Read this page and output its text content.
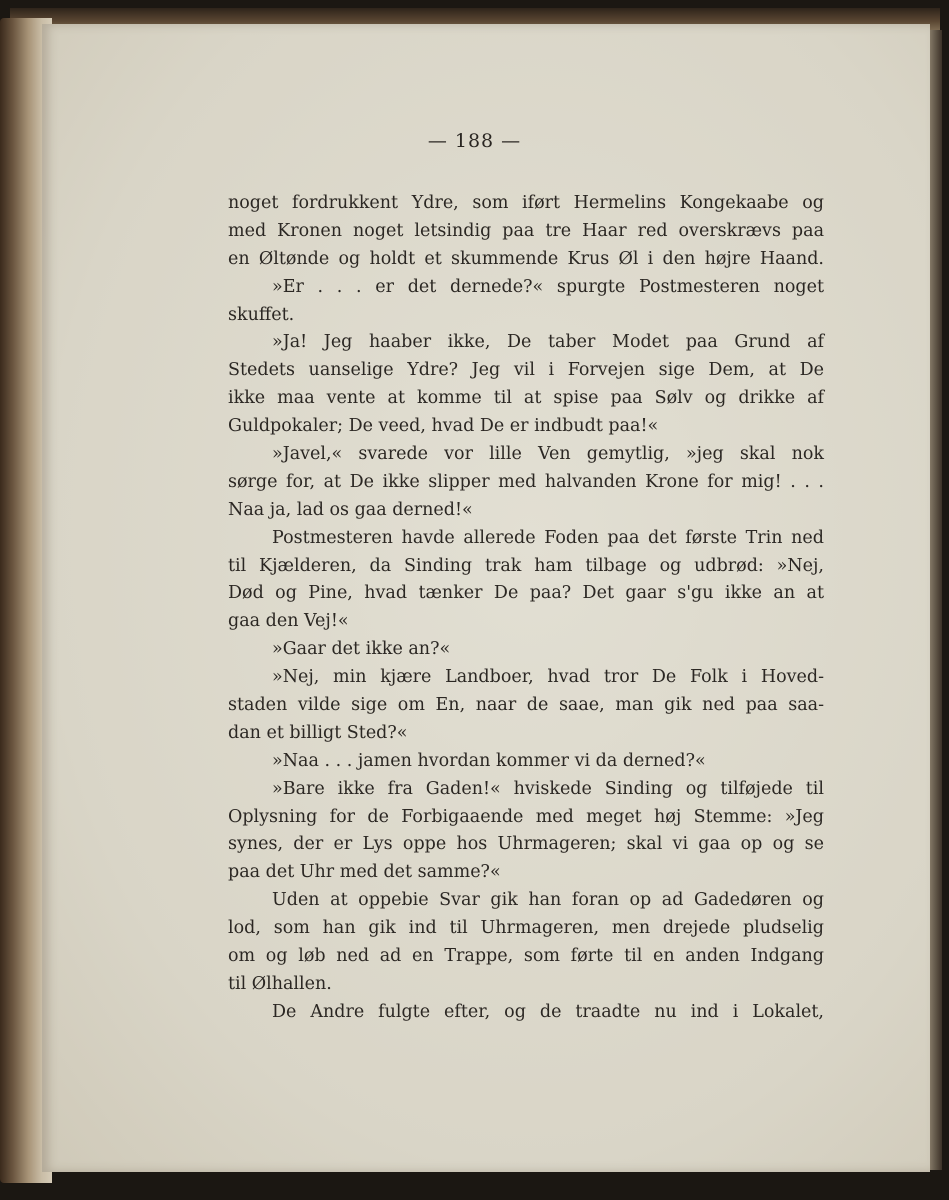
— 188 —
noget fordrukkent Ydre, som iført Hermelins Kongekaabe og
med Kronen noget letsindig paa tre Haar red overskrævs paa
en Øltønde og holdt et skummende Krus Øl i den højre Haand.
»Er . . . er det dernede?« spurgte Postmesteren noget
skuffet.
»Ja! Jeg haaber ikke, De taber Modet paa Grund af
Stedets uanselige Ydre? Jeg vil i Forvejen sige Dem, at De
ikke maa vente at komme til at spise paa Sølv og drikke af
Guldpokaler; De veed, hvad De er indbudt paa!«
»Javel,« svarede vor lille Ven gemytlig, »jeg skal nok
sørge for, at De ikke slipper med halvanden Krone for mig! . . .
Naa ja, lad os gaa derned!«
Postmesteren havde allerede Foden paa det første Trin ned
til Kjælderen, da Sinding trak ham tilbage og udbrød: »Nej,
Død og Pine, hvad tænker De paa? Det gaar s'gu ikke an at
gaa den Vej!«
»Gaar det ikke an?«
»Nej, min kjære Landboer, hvad tror De Folk i Hoved-
staden vilde sige om En, naar de saae, man gik ned paa saa-
dan et billigt Sted?«
»Naa . . . jamen hvordan kommer vi da derned?«
»Bare ikke fra Gaden!« hviskede Sinding og tilføjede til
Oplysning for de Forbigaaende med meget høj Stemme: »Jeg
synes, der er Lys oppe hos Uhrmageren; skal vi gaa op og se
paa det Uhr med det samme?«
Uden at oppebie Svar gik han foran op ad Gadedøren og
lod, som han gik ind til Uhrmageren, men drejede pludselig
om og løb ned ad en Trappe, som førte til en anden Indgang
til Ølhallen.
De Andre fulgte efter, og de traadte nu ind i Lokalet,
